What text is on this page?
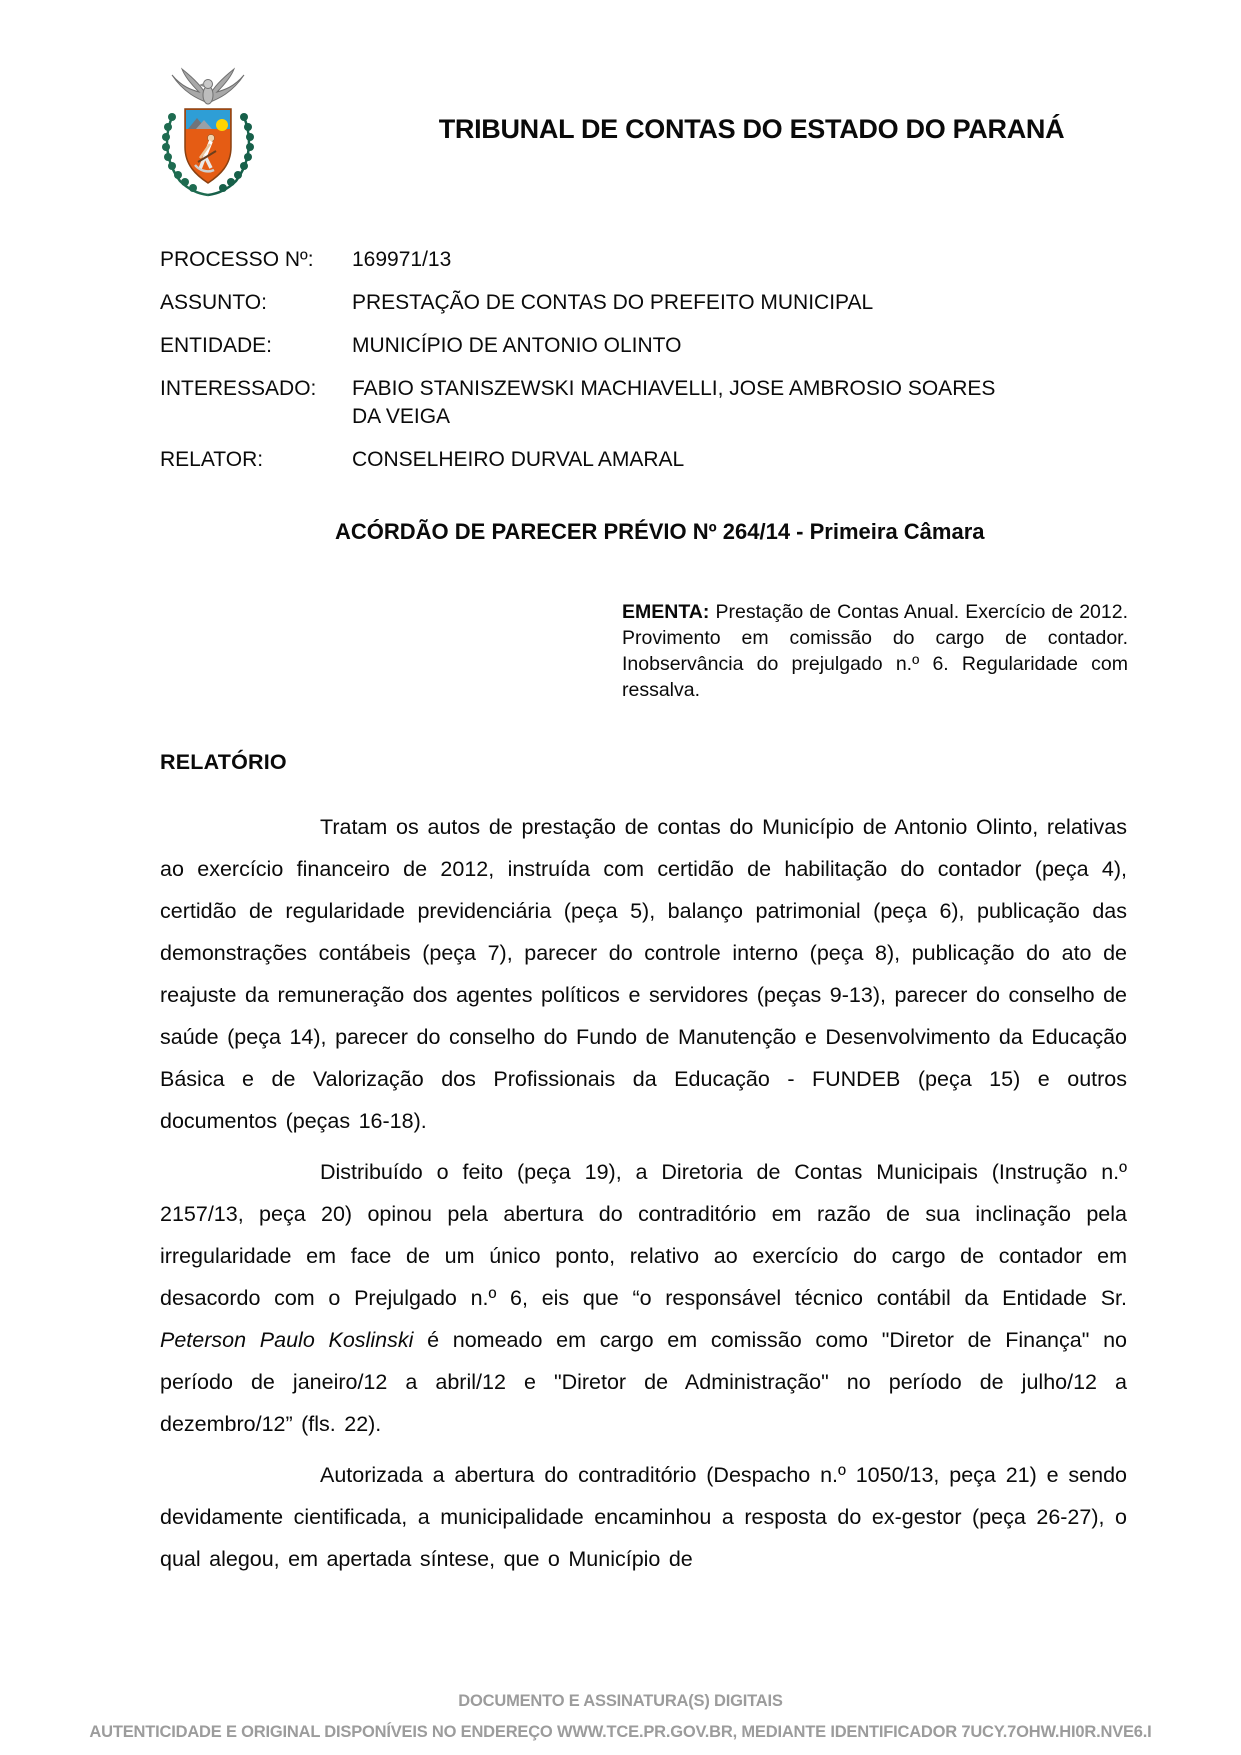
TRIBUNAL DE CONTAS DO ESTADO DO PARANÁ
PROCESSO Nº:	169971/13
ASSUNTO:	PRESTAÇÃO DE CONTAS DO PREFEITO MUNICIPAL
ENTIDADE:	MUNICÍPIO DE ANTONIO OLINTO
INTERESSADO:	FABIO STANISZEWSKI MACHIAVELLI, JOSE AMBROSIO SOARES DA VEIGA
RELATOR:	CONSELHEIRO DURVAL AMARAL
ACÓRDÃO DE PARECER PRÉVIO Nº 264/14 - Primeira Câmara
EMENTA: Prestação de Contas Anual. Exercício de 2012. Provimento em comissão do cargo de contador. Inobservância do prejulgado n.º 6. Regularidade com ressalva.
RELATÓRIO

Tratam os autos de prestação de contas do Município de Antonio Olinto, relativas ao exercício financeiro de 2012, instruída com certidão de habilitação do contador (peça 4), certidão de regularidade previdenciária (peça 5), balanço patrimonial (peça 6), publicação das demonstrações contábeis (peça 7), parecer do controle interno (peça 8), publicação do ato de reajuste da remuneração dos agentes políticos e servidores (peças 9-13), parecer do conselho de saúde (peça 14), parecer do conselho do Fundo de Manutenção e Desenvolvimento da Educação Básica e de Valorização dos Profissionais da Educação - FUNDEB (peça 15) e outros documentos (peças 16-18).

Distribuído o feito (peça 19), a Diretoria de Contas Municipais (Instrução n.º 2157/13, peça 20) opinou pela abertura do contraditório em razão de sua inclinação pela irregularidade em face de um único ponto, relativo ao exercício do cargo de contador em desacordo com o Prejulgado n.º 6, eis que “o responsável técnico contábil da Entidade Sr. Peterson Paulo Koslinski é nomeado em cargo em comissão como "Diretor de Finança" no período de janeiro/12 a abril/12 e "Diretor de Administração" no período de julho/12 a dezembro/12” (fls. 22).

Autorizada a abertura do contraditório (Despacho n.º 1050/13, peça 21) e sendo devidamente cientificada, a municipalidade encaminhou a resposta do ex-gestor (peça 26-27), o qual alegou, em apertada síntese, que o Município de

DOCUMENTO E ASSINATURA(S) DIGITAIS
AUTENTICIDADE E ORIGINAL DISPONÍVEIS NO ENDEREÇO WWW.TCE.PR.GOV.BR, MEDIANTE IDENTIFICADOR 7UCY.7OHW.HI0R.NVE6.I
